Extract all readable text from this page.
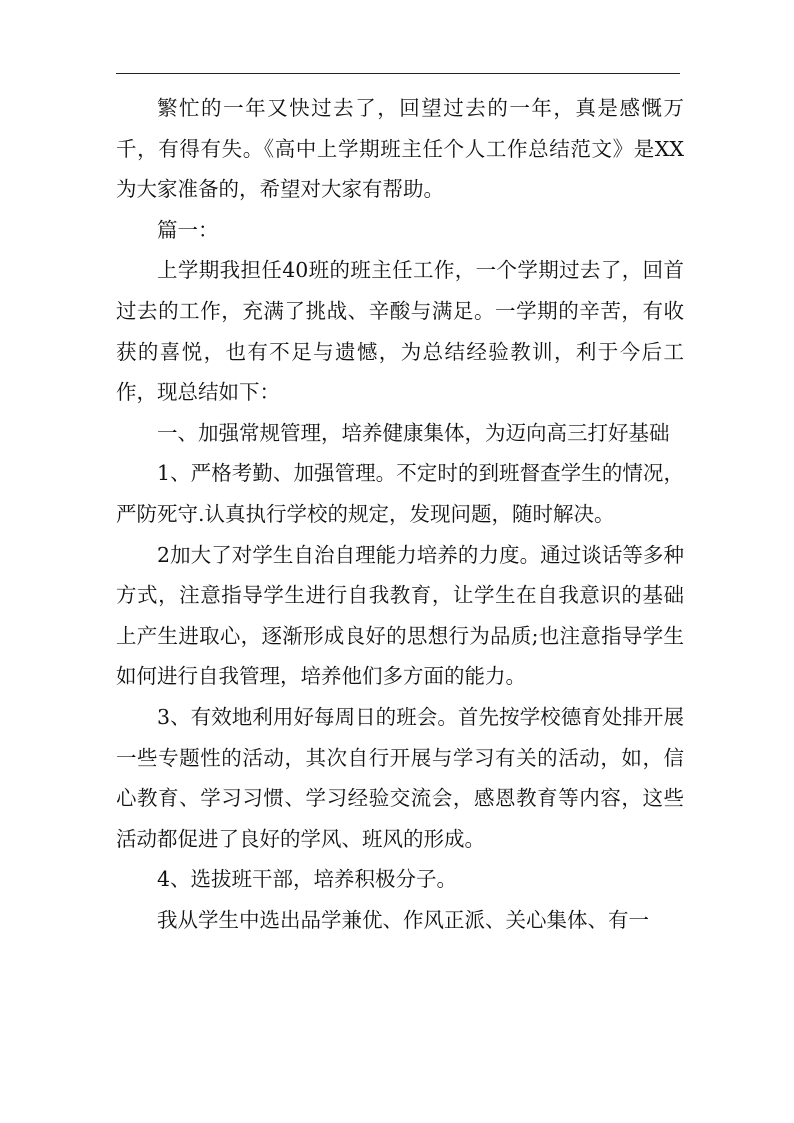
繁忙的一年又快过去了，回望过去的一年，真是感慨万千，有得有失。《高中上学期班主任个人工作总结范文》是XX为大家准备的，希望对大家有帮助。

篇一：

上学期我担任40班的班主任工作，一个学期过去了，回首过去的工作，充满了挑战、辛酸与满足。一学期的辛苦，有收获的喜悦，也有不足与遗憾，为总结经验教训，利于今后工作，现总结如下：

一、加强常规管理，培养健康集体，为迈向高三打好基础

1、严格考勤、加强管理。不定时的到班督查学生的情况，严防死守.认真执行学校的规定，发现问题，随时解决。

2加大了对学生自治自理能力培养的力度。通过谈话等多种方式，注意指导学生进行自我教育，让学生在自我意识的基础上产生进取心，逐渐形成良好的思想行为品质;也注意指导学生如何进行自我管理，培养他们多方面的能力。

3、有效地利用好每周日的班会。首先按学校德育处排开展一些专题性的活动，其次自行开展与学习有关的活动，如，信心教育、学习习惯、学习经验交流会，感恩教育等内容，这些活动都促进了良好的学风、班风的形成。

4、选拔班干部，培养积极分子。

我从学生中选出品学兼优、作风正派、关心集体、有一
